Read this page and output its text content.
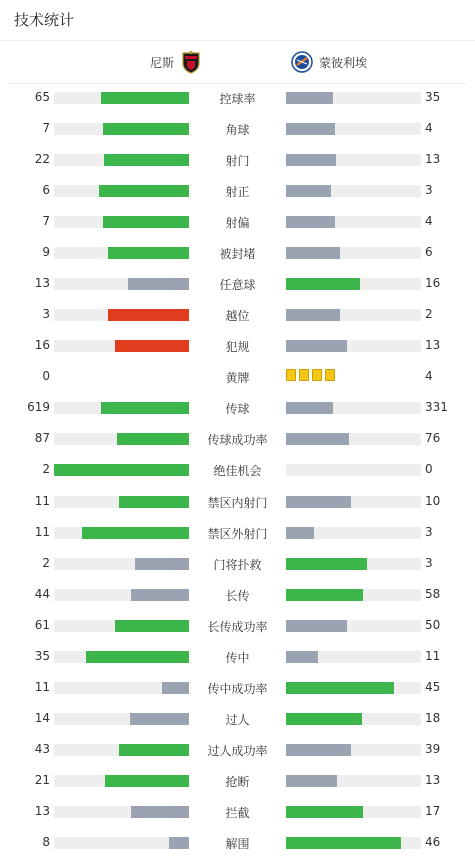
技术统计
尼斯	蒙彼利埃
65	控球率	35
7	角球	4
22	射门	13
6	射正	3
7	射偏	4
9	被封堵	6
13	任意球	16
3	越位	2
16	犯规	13
0	黄牌	4
619	传球	331
87	传球成功率	76
2	绝佳机会	0
11	禁区内射门	10
11	禁区外射门	3
2	门将扑救	3
44	长传	58
61	长传成功率	50
35	传中	11
11	传中成功率	45
14	过人	18
43	过人成功率	39
21	抢断	13
13	拦截	17
8	解围	46
